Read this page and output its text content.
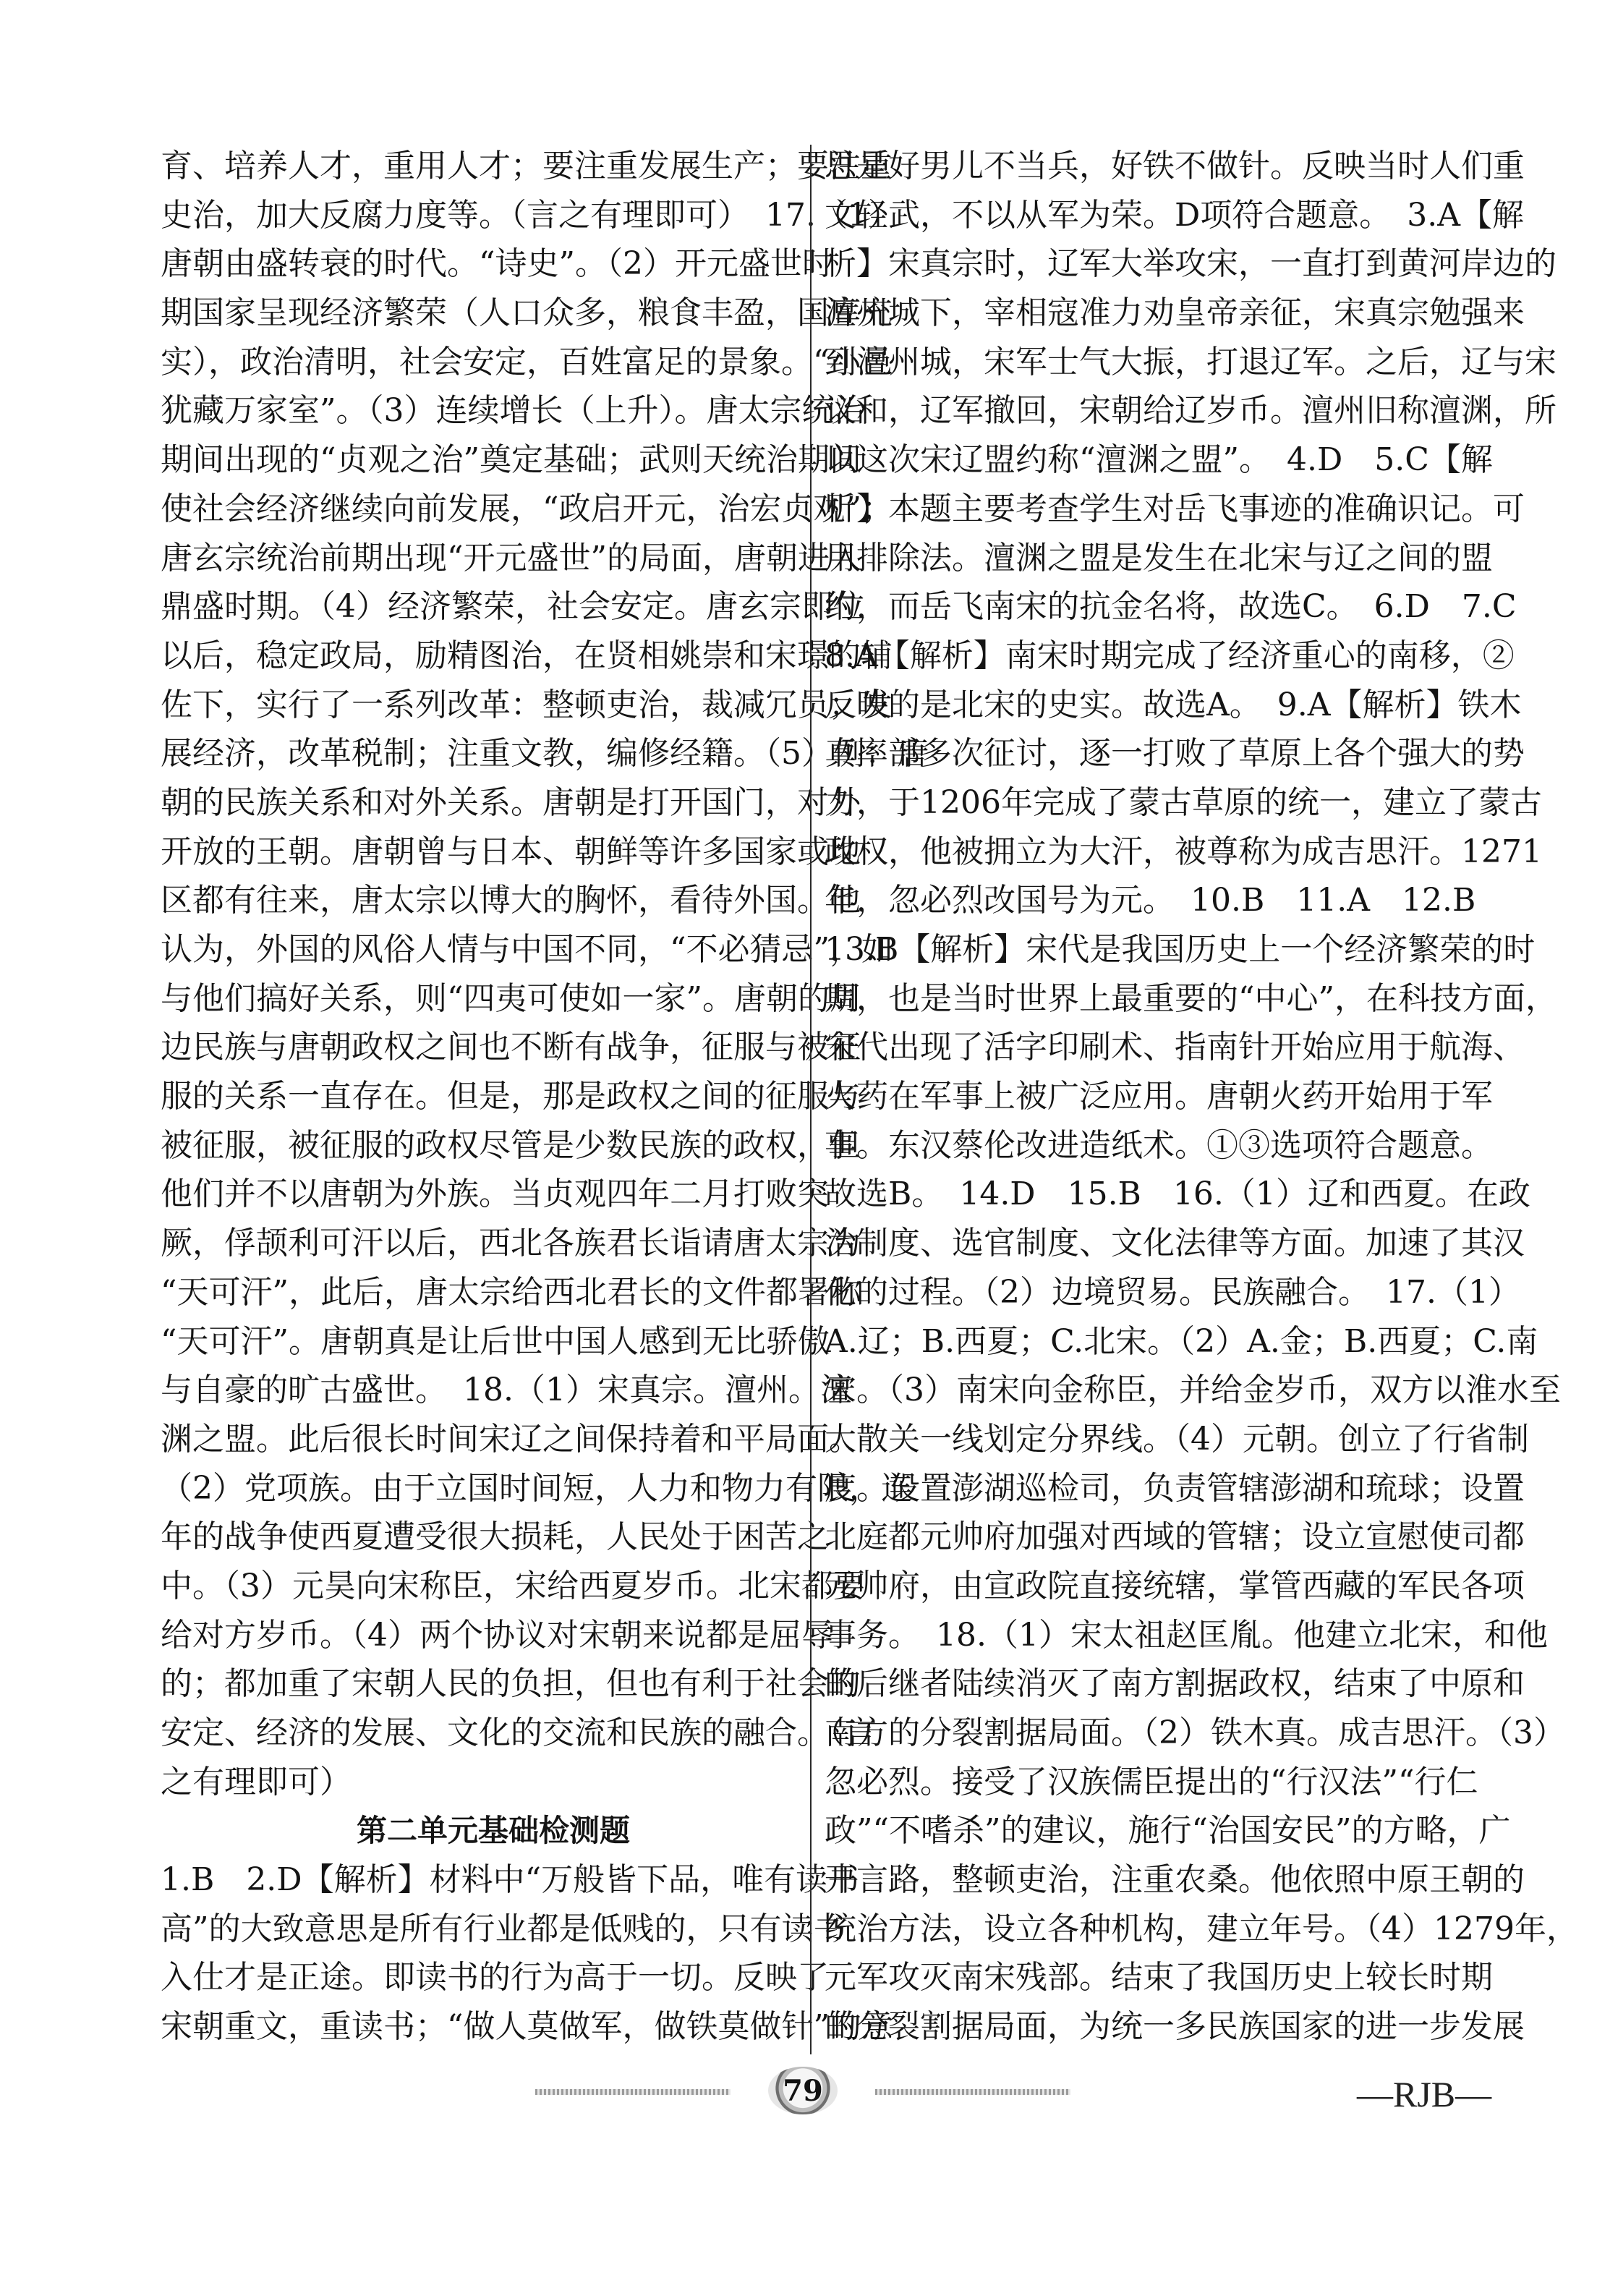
育、培养人才，重用人才；要注重发展生产；要注重
史治，加大反腐力度等。（言之有理即可）　17.（1）
唐朝由盛转衰的时代。“诗史”。（2）开元盛世时
期国家呈现经济繁荣（人口众多，粮食丰盈，国库充
实），政治清明，社会安定，百姓富足的景象。“小邑
犹藏万家室”。（3）连续增长（上升）。唐太宗统治
期间出现的“贞观之治”奠定基础；武则天统治期间
使社会经济继续向前发展，“政启开元，治宏贞观”；
唐玄宗统治前期出现“开元盛世”的局面，唐朝进入
鼎盛时期。（4）经济繁荣，社会安定。唐玄宗即位
以后，稳定政局，励精图治，在贤相姚崇和宋璟的辅
佐下，实行了一系列改革：整顿吏治，裁减冗员；发
展经济，改革税制；注重文教，编修经籍。（5）例：唐
朝的民族关系和对外关系。唐朝是打开国门，对外
开放的王朝。唐朝曾与日本、朝鲜等许多国家或地
区都有往来，唐太宗以博大的胸怀，看待外国。他
认为，外国的风俗人情与中国不同，“不必猜忌”，如
与他们搞好关系，则“四夷可使如一家”。唐朝的周
边民族与唐朝政权之间也不断有战争，征服与被征
服的关系一直存在。但是，那是政权之间的征服与
被征服，被征服的政权尽管是少数民族的政权，但
他们并不以唐朝为外族。当贞观四年二月打败突
厥，俘颉利可汗以后，西北各族君长诣请唐太宗为
“天可汗”，此后，唐太宗给西北君长的文件都署称
“天可汗”。唐朝真是让后世中国人感到无比骄傲
与自豪的旷古盛世。　18.（1）宋真宗。澶州。澶
渊之盟。此后很长时间宋辽之间保持着和平局面。
（2）党项族。由于立国时间短，人力和物力有限，连
年的战争使西夏遭受很大损耗，人民处于困苦之
中。（3）元昊向宋称臣，宋给西夏岁币。北宋都要
给对方岁币。（4）两个协议对宋朝来说都是屈辱
的；都加重了宋朝人民的负担，但也有利于社会的
安定、经济的发展、文化的交流和民族的融合。（言
之有理即可）
第二单元基础检测题
1.B　2.D【解析】材料中“万般皆下品，唯有读书
高”的大致意思是所有行业都是低贱的，只有读书
入仕才是正途。即读书的行为高于一切。反映了
宋朝重文，重读书；“做人莫做军，做铁莫做针”的意
思是好男儿不当兵，好铁不做针。反映当时人们重
文轻武，不以从军为荣。D项符合题意。　3.A【解
析】宋真宗时，辽军大举攻宋，一直打到黄河岸边的
澶州城下，宰相寇准力劝皇帝亲征，宋真宗勉强来
到澶州城，宋军士气大振，打退辽军。之后，辽与宋
议和，辽军撤回，宋朝给辽岁币。澶州旧称澶渊，所
以这次宋辽盟约称“澶渊之盟”。　4.D　5.C【解
析】本题主要考查学生对岳飞事迹的准确识记。可
用排除法。澶渊之盟是发生在北宋与辽之间的盟
约，而岳飞南宋的抗金名将，故选C。　6.D　7.C
8.A【解析】南宋时期完成了经济重心的南移，②
反映的是北宋的史实。故选A。　9.A【解析】铁木
真率部多次征讨，逐一打败了草原上各个强大的势
力，于1206年完成了蒙古草原的统一，建立了蒙古
政权，他被拥立为大汗，被尊称为成吉思汗。1271
年，忽必烈改国号为元。　10.B　11.A　12.B
13.B【解析】宋代是我国历史上一个经济繁荣的时
期，也是当时世界上最重要的“中心”，在科技方面，
宋代出现了活字印刷术、指南针开始应用于航海、
火药在军事上被广泛应用。唐朝火药开始用于军
事。东汉蔡伦改进造纸术。①③选项符合题意。
故选B。　14.D　15.B　16.（1）辽和西夏。在政
治制度、选官制度、文化法律等方面。加速了其汉
化的过程。（2）边境贸易。民族融合。　17.（1）
A.辽；B.西夏；C.北宋。（2）A.金；B.西夏；C.南
宋。（3）南宋向金称臣，并给金岁币，双方以淮水至
大散关一线划定分界线。（4）元朝。创立了行省制
度。设置澎湖巡检司，负责管辖澎湖和琉球；设置
北庭都元帅府加强对西域的管辖；设立宣慰使司都
元帅府，由宣政院直接统辖，掌管西藏的军民各项
事务。　18.（1）宋太祖赵匡胤。他建立北宋，和他
的后继者陆续消灭了南方割据政权，结束了中原和
南方的分裂割据局面。（2）铁木真。成吉思汗。（3）
忽必烈。接受了汉族儒臣提出的“行汉法”“行仁
政”“不嗜杀”的建议，施行“治国安民”的方略，广
开言路，整顿吏治，注重农桑。他依照中原王朝的
统治方法，设立各种机构，建立年号。（4）1279年，
元军攻灭南宋残部。结束了我国历史上较长时期
的分裂割据局面，为统一多民族国家的进一步发展
79	—RJB—
